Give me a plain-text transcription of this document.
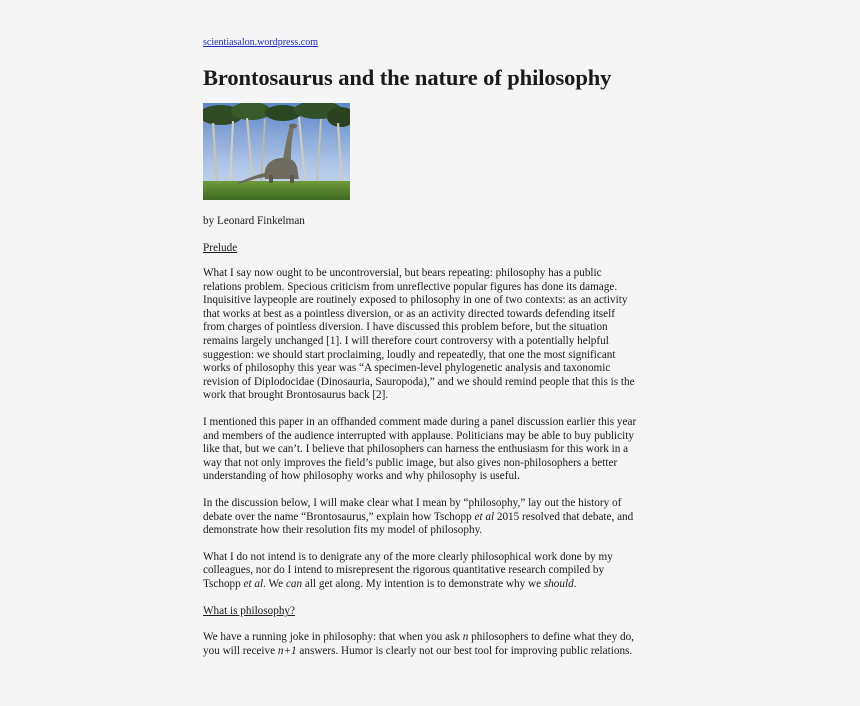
scientiasalon.wordpress.com
Brontosaurus and the nature of philosophy
by Leonard Finkelman
Prelude
What I say now ought to be uncontroversial, but bears repeating: philosophy has a public
relations problem. Specious criticism from unreflective popular figures has done its damage.
Inquisitive laypeople are routinely exposed to philosophy in one of two contexts: as an activity
that works at best as a pointless diversion, or as an activity directed towards defending itself
from charges of pointless diversion. I have discussed this problem before, but the situation
remains largely unchanged [1]. I will therefore court controversy with a potentially helpful
suggestion: we should start proclaiming, loudly and repeatedly, that one the most significant
works of philosophy this year was “A specimen-level phylogenetic analysis and taxonomic
revision of Diplodocidae (Dinosauria, Sauropoda),” and we should remind people that this is the
work that brought Brontosaurus back [2].
I mentioned this paper in an offhanded comment made during a panel discussion earlier this year
and members of the audience interrupted with applause. Politicians may be able to buy publicity
like that, but we can’t. I believe that philosophers can harness the enthusiasm for this work in a
way that not only improves the field’s public image, but also gives non-philosophers a better
understanding of how philosophy works and why philosophy is useful.
In the discussion below, I will make clear what I mean by “philosophy,” lay out the history of
debate over the name “Brontosaurus,” explain how Tschopp et al 2015 resolved that debate, and
demonstrate how their resolution fits my model of philosophy.
What I do not intend is to denigrate any of the more clearly philosophical work done by my
colleagues, nor do I intend to misrepresent the rigorous quantitative research compiled by
Tschopp et al. We can all get along. My intention is to demonstrate why we should.
What is philosophy?
We have a running joke in philosophy: that when you ask n philosophers to define what they do,
you will receive n+1 answers. Humor is clearly not our best tool for improving public relations.
